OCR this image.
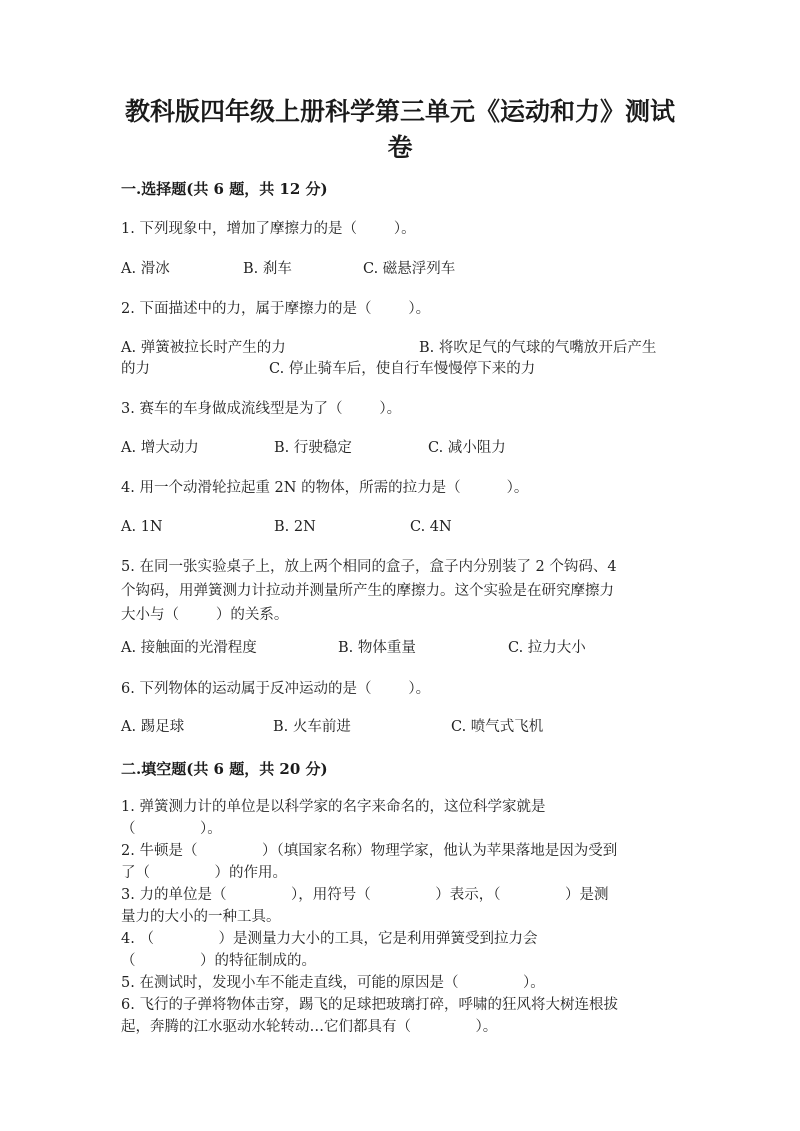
教科版四年级上册科学第三单元《运动和力》测试
卷
一.选择题(共 6 题，共 12 分)
1. 下列现象中，增加了摩擦力的是（        ）。
A. 滑冰	B. 刹车	C. 磁悬浮列车
2. 下面描述中的力，属于摩擦力的是（        ）。
A. 弹簧被拉长时产生的力	B. 将吹足气的气球的气嘴放开后产生
的力	C. 停止骑车后，使自行车慢慢停下来的力
3. 赛车的车身做成流线型是为了（        ）。
A. 增大动力	B. 行驶稳定	C. 减小阻力
4. 用一个动滑轮拉起重 2N 的物体，所需的拉力是（          ）。
A. 1N	B. 2N	C. 4N
5. 在同一张实验桌子上，放上两个相同的盒子，盒子内分别装了 2 个钩码、4
个钩码，用弹簧测力计拉动并测量所产生的摩擦力。这个实验是在研究摩擦力
大小与（        ）的关系。
A. 接触面的光滑程度	B. 物体重量	C. 拉力大小
6. 下列物体的运动属于反冲运动的是（        ）。
A. 踢足球	B. 火车前进	C. 喷气式飞机
二.填空题(共 6 题，共 20 分)
1. 弹簧测力计的单位是以科学家的名字来命名的，这位科学家就是
（              ）。
2. 牛顿是（              ）（填国家名称）物理学家，他认为苹果落地是因为受到
了（              ）的作用。
3. 力的单位是（              ），用符号（              ）表示，（              ）是测
量力的大小的一种工具。
4. （              ）是测量力大小的工具，它是利用弹簧受到拉力会
（              ）的特征制成的。
5. 在测试时，发现小车不能走直线，可能的原因是（              ）。
6. 飞行的子弹将物体击穿，踢飞的足球把玻璃打碎，呼啸的狂风将大树连根拔
起，奔腾的江水驱动水轮转动…它们都具有（              ）。
